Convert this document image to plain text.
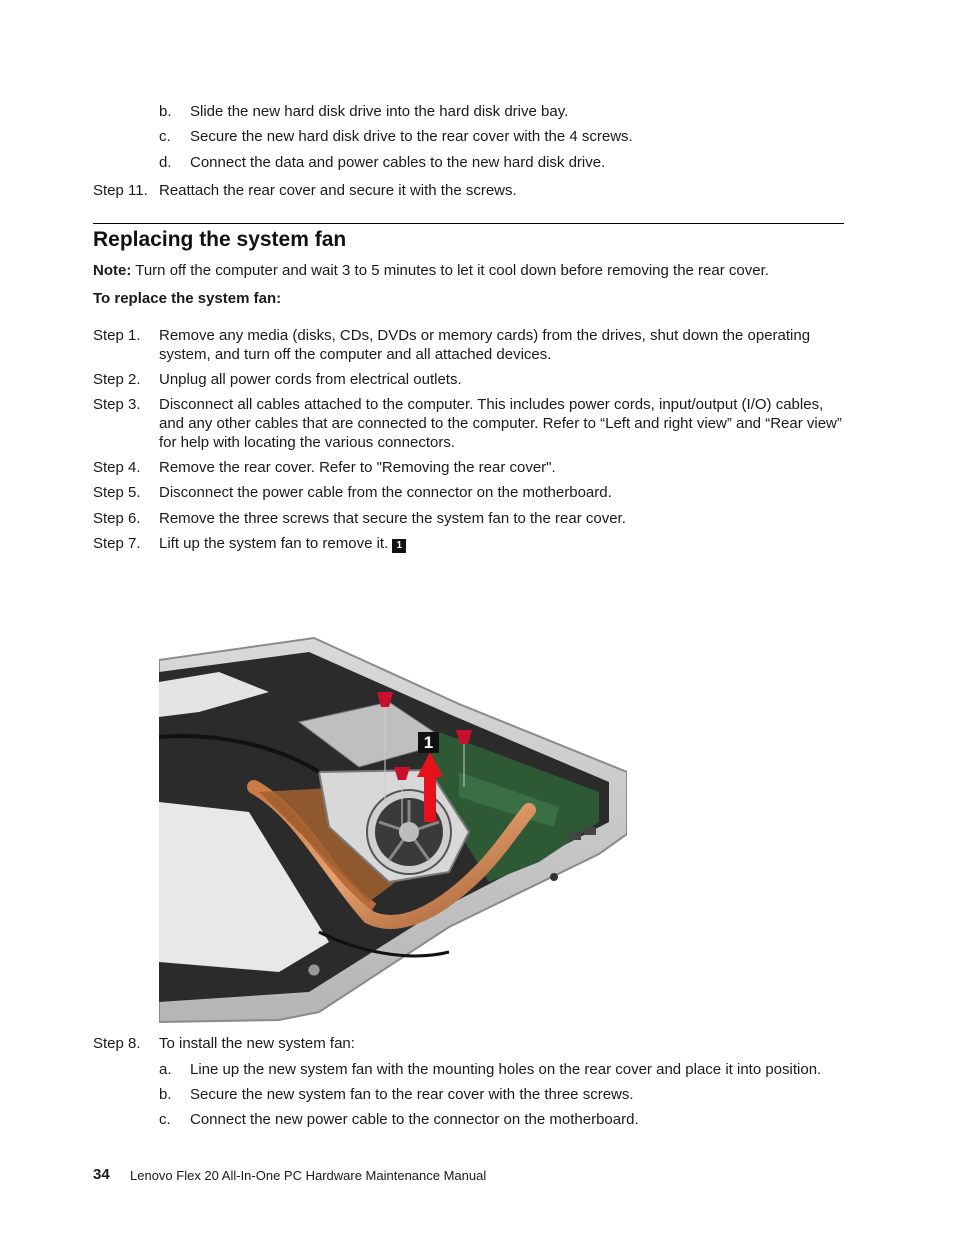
b. Slide the new hard disk drive into the hard disk drive bay.
c. Secure the new hard disk drive to the rear cover with the 4 screws.
d. Connect the data and power cables to the new hard disk drive.
Step 11. Reattach the rear cover and secure it with the screws.
Replacing the system fan
Note: Turn off the computer and wait 3 to 5 minutes to let it cool down before removing the rear cover.
To replace the system fan:
Step 1. Remove any media (disks, CDs, DVDs or memory cards) from the drives, shut down the operating system, and turn off the computer and all attached devices.
Step 2. Unplug all power cords from electrical outlets.
Step 3. Disconnect all cables attached to the computer. This includes power cords, input/output (I/O) cables, and any other cables that are connected to the computer. Refer to “Left and right view” and “Rear view” for help with locating the various connectors.
Step 4. Remove the rear cover. Refer to "Removing the rear cover".
Step 5. Disconnect the power cable from the connector on the motherboard.
Step 6. Remove the three screws that secure the system fan to the rear cover.
Step 7. Lift up the system fan to remove it. 1
1
Step 8. To install the new system fan:
a. Line up the new system fan with the mounting holes on the rear cover and place it into position.
b. Secure the new system fan to the rear cover with the three screws.
c. Connect the new power cable to the connector on the motherboard.
34 Lenovo Flex 20 All-In-One PC Hardware Maintenance Manual
